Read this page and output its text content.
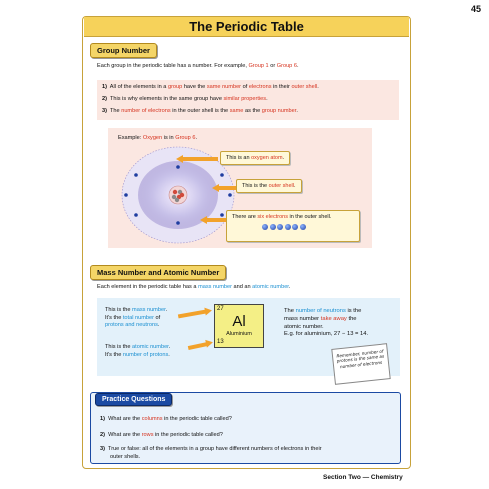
45
The Periodic Table
Group Number
Each group in the periodic table has a number. For example, Group 1 or Group 6.
1) All of the elements in a group have the same number of electrons in their outer shell.
2) This is why elements in the same group have similar properties.
3) The number of electrons in the outer shell is the same as the group number.
Example: Oxygen is in Group 6.
This is an oxygen atom.
This is the outer shell.
There are six electrons in the outer shell.
Mass Number and Atomic Number
Each element in the periodic table has a mass number and an atomic number.
This is the mass number.
It's the total number of
protons and neutrons.
This is the atomic number.
It's the number of protons.
27
Al
Aluminium
13
The number of neutrons is the
mass number take away the
atomic number.
E.g. for aluminium, 27 − 13 = 14.
Remember, number of protons is the same as number of electrons
Practice Questions
1) What are the columns in the periodic table called?
2) What are the rows in the periodic table called?
3) True or false: all of the elements in a group have different numbers of electrons in their
outer shells.
Section Two — Chemistry
